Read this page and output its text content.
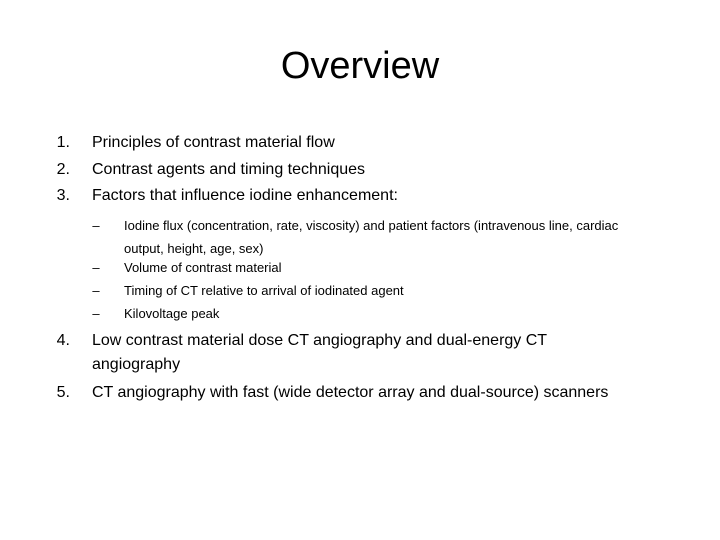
Overview
1. Principles of contrast material flow
2. Contrast agents and timing techniques
3. Factors that influence iodine enhancement:
–	Iodine flux (concentration, rate, viscosity) and patient factors (intravenous line, cardiac output, height, age, sex)
–	Volume of contrast material
–	Timing of CT relative to arrival of iodinated agent
–	Kilovoltage peak
4. Low contrast material dose CT angiography and dual-energy CT angiography
5. CT angiography with fast (wide detector array and dual-source) scanners
